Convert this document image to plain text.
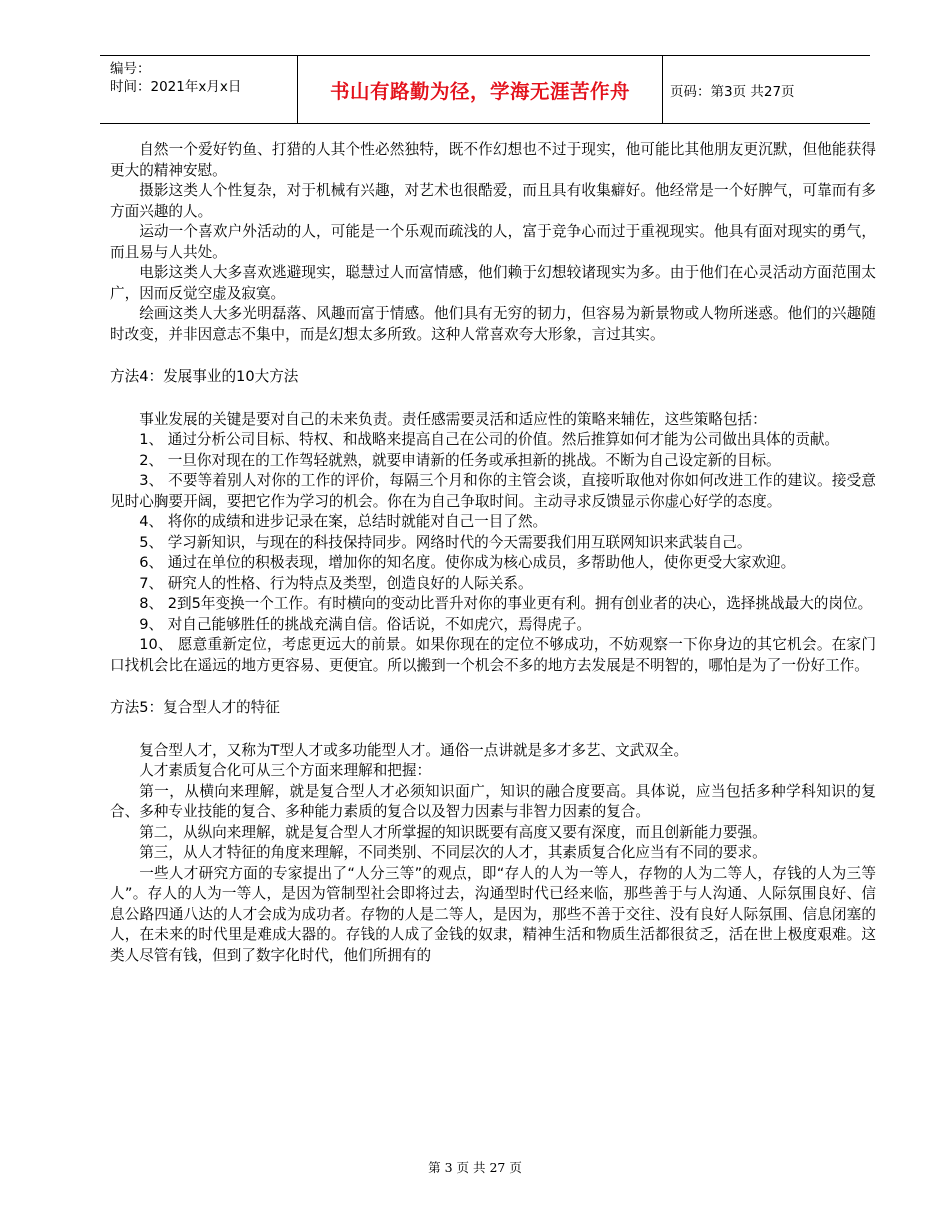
编号：
时间：2021年x月x日	书山有路勤为径，学海无涯苦作舟	页码：第3页 共27页

自然一个爱好钓鱼、打猎的人其个性必然独特，既不作幻想也不过于现实，他可能比其他朋友更沉默，但他能获得更大的精神安慰。

摄影这类人个性复杂，对于机械有兴趣，对艺术也很酷爱，而且具有收集癖好。他经常是一个好脾气，可靠而有多方面兴趣的人。

运动一个喜欢户外活动的人，可能是一个乐观而疏浅的人，富于竞争心而过于重视现实。他具有面对现实的勇气，而且易与人共处。

电影这类人大多喜欢逃避现实，聪慧过人而富情感，他们赖于幻想较诸现实为多。由于他们在心灵活动方面范围太广，因而反觉空虚及寂寞。

绘画这类人大多光明磊落、风趣而富于情感。他们具有无穷的韧力，但容易为新景物或人物所迷惑。他们的兴趣随时改变，并非因意志不集中，而是幻想太多所致。这种人常喜欢夸大形象，言过其实。

方法4：发展事业的10大方法

事业发展的关键是要对自己的未来负责。责任感需要灵活和适应性的策略来辅佐，这些策略包括：

1、 通过分析公司目标、特权、和战略来提高自己在公司的价值。然后推算如何才能为公司做出具体的贡献。

2、 一旦你对现在的工作驾轻就熟，就要申请新的任务或承担新的挑战。不断为自己设定新的目标。

3、 不要等着别人对你的工作的评价，每隔三个月和你的主管会谈，直接听取他对你如何改进工作的建议。接受意见时心胸要开阔，要把它作为学习的机会。你在为自己争取时间。主动寻求反馈显示你虚心好学的态度。

4、 将你的成绩和进步记录在案，总结时就能对自己一目了然。

5、 学习新知识，与现在的科技保持同步。网络时代的今天需要我们用互联网知识来武装自己。

6、 通过在单位的积极表现，增加你的知名度。使你成为核心成员，多帮助他人，使你更受大家欢迎。

7、 研究人的性格、行为特点及类型，创造良好的人际关系。

8、 2到5年变换一个工作。有时横向的变动比晋升对你的事业更有利。拥有创业者的决心，选择挑战最大的岗位。

9、 对自己能够胜任的挑战充满自信。俗话说，不如虎穴，焉得虎子。

10、 愿意重新定位，考虑更远大的前景。如果你现在的定位不够成功，不妨观察一下你身边的其它机会。在家门口找机会比在遥远的地方更容易、更便宜。所以搬到一个机会不多的地方去发展是不明智的，哪怕是为了一份好工作。

方法5：复合型人才的特征

复合型人才，又称为T型人才或多功能型人才。通俗一点讲就是多才多艺、文武双全。

人才素质复合化可从三个方面来理解和把握：

第一，从横向来理解，就是复合型人才必须知识面广，知识的融合度要高。具体说，应当包括多种学科知识的复合、多种专业技能的复合、多种能力素质的复合以及智力因素与非智力因素的复合。

第二，从纵向来理解，就是复合型人才所掌握的知识既要有高度又要有深度，而且创新能力要强。

第三，从人才特征的角度来理解，不同类别、不同层次的人才，其素质复合化应当有不同的要求。

一些人才研究方面的专家提出了“人分三等”的观点，即“存人的人为一等人，存物的人为二等人，存钱的人为三等人”。存人的人为一等人，是因为管制型社会即将过去，沟通型时代已经来临，那些善于与人沟通、人际氛围良好、信息公路四通八达的人才会成为成功者。存物的人是二等人，是因为，那些不善于交往、没有良好人际氛围、信息闭塞的人，在未来的时代里是难成大器的。存钱的人成了金钱的奴隶，精神生活和物质生活都很贫乏，活在世上极度艰难。这类人尽管有钱，但到了数字化时代，他们所拥有的

第 3 页 共 27 页
